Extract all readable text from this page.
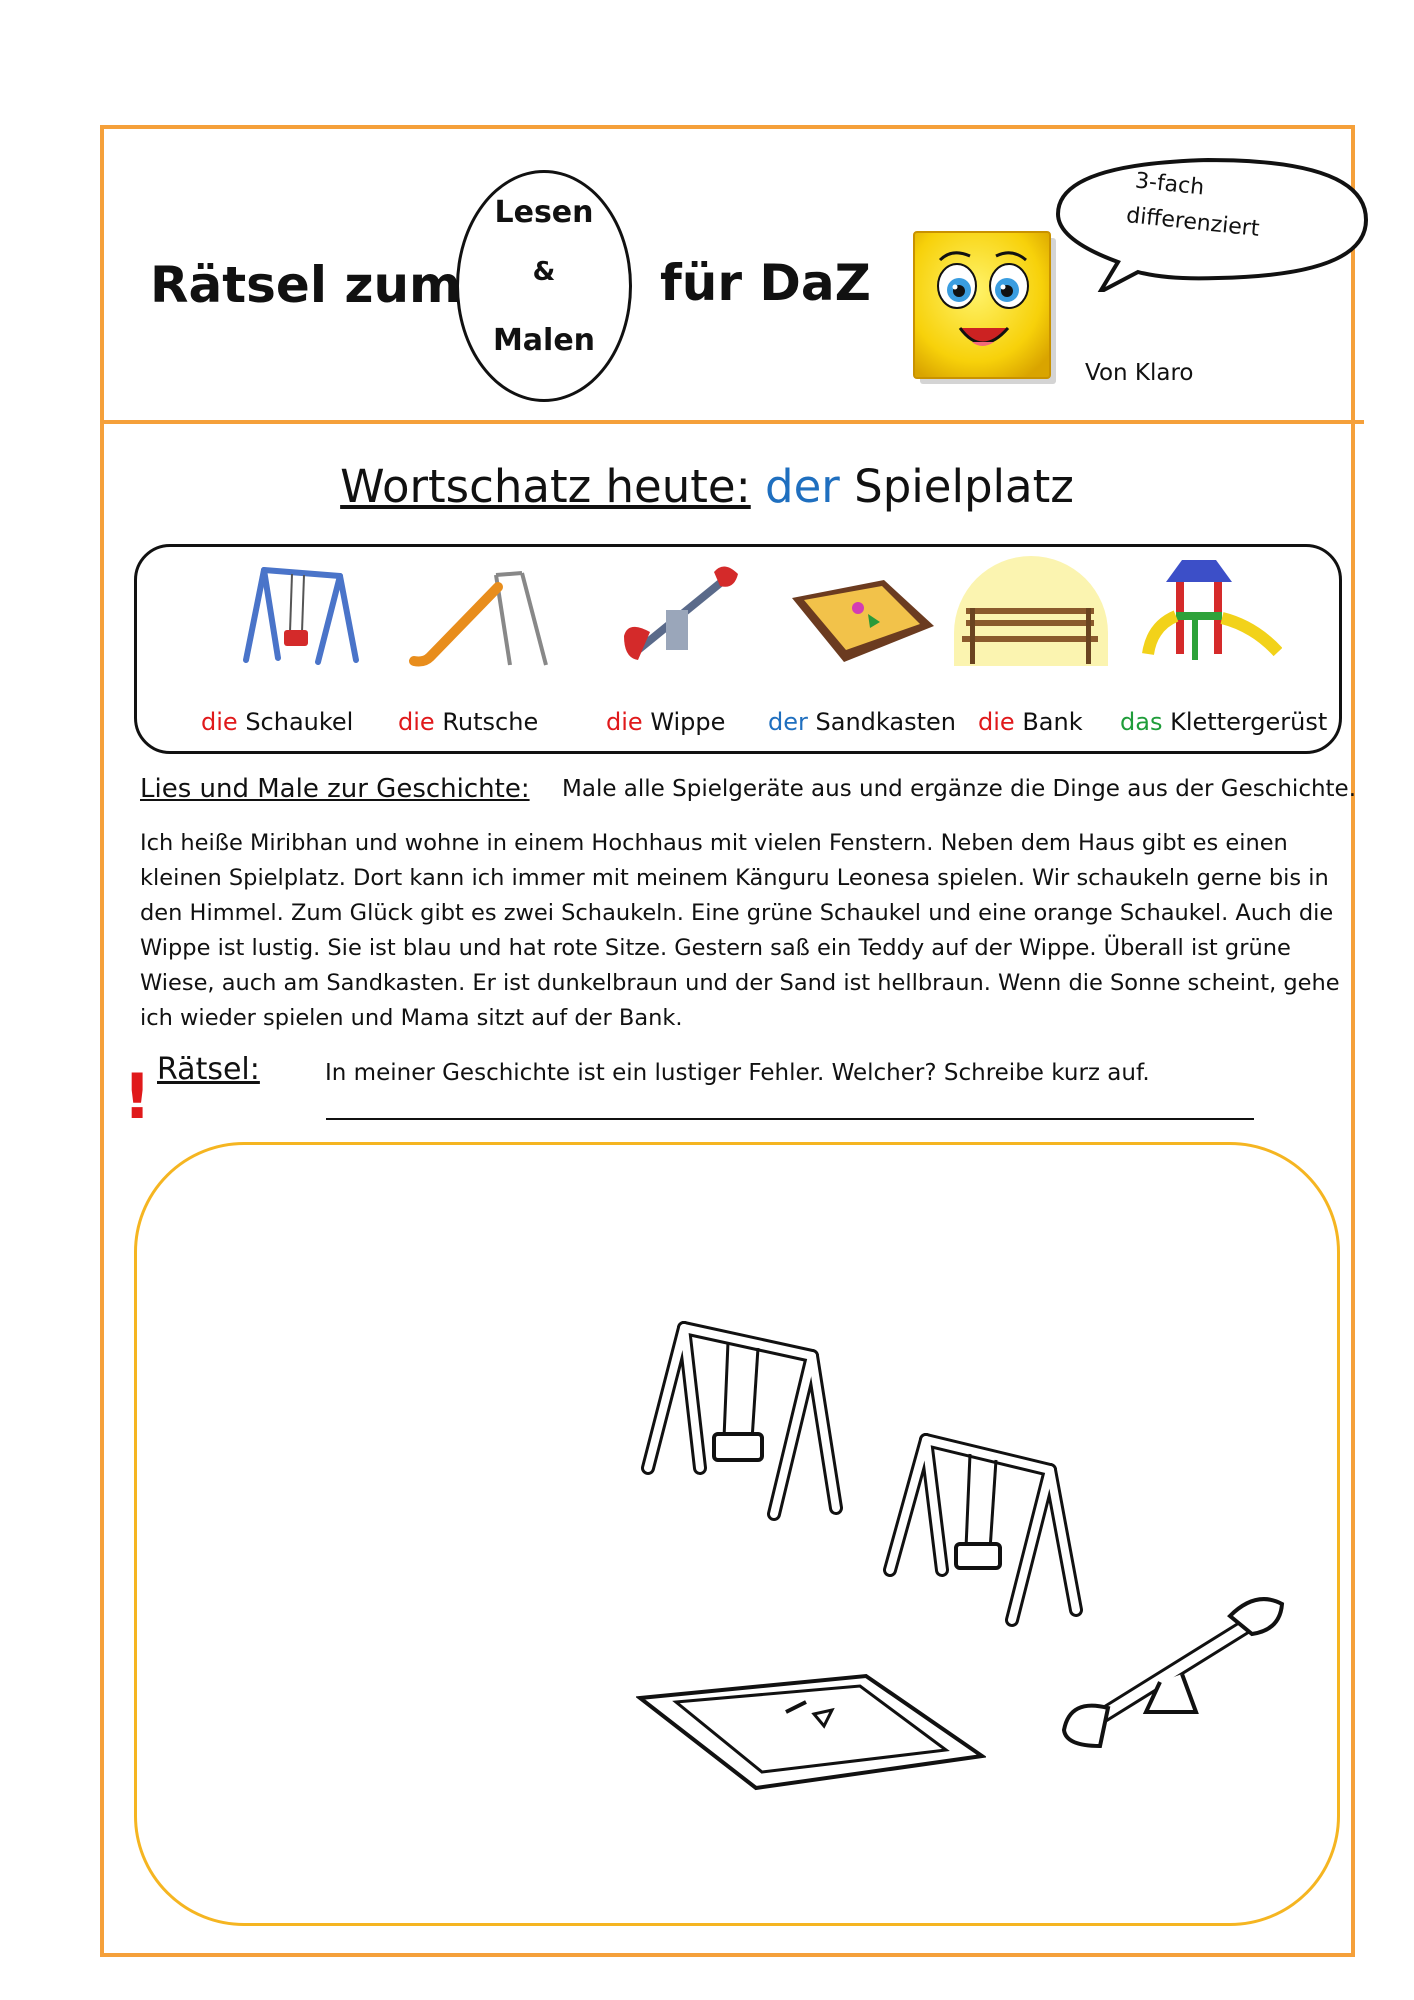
Rätsel zum
Lesen
&
Malen
für DaZ
3-fach
differenziert
Von Klaro
Wortschatz heute: der Spielplatz
die Schaukel die Rutsche	die Wippe der Sandkasten die Bank das Klettergerüst
Lies und Male zur Geschichte: Male alle Spielgeräte aus und ergänze die Dinge aus der Geschichte.
Ich heiße Miribhan und wohne in einem Hochhaus mit vielen Fenstern. Neben dem Haus gibt es einen
kleinen Spielplatz. Dort kann ich immer mit meinem Känguru Leonesa spielen. Wir schaukeln gerne bis in
den Himmel. Zum Glück gibt es zwei Schaukeln. Eine grüne Schaukel und eine orange Schaukel. Auch die
Wippe ist lustig. Sie ist blau und hat rote Sitze. Gestern saß ein Teddy auf der Wippe. Überall ist grüne
Wiese, auch am Sandkasten. Er ist dunkelbraun und der Sand ist hellbraun. Wenn die Sonne scheint, gehe
ich wieder spielen und Mama sitzt auf der Bank.
! Rätsel:	In meiner Geschichte ist ein lustiger Fehler. Welcher? Schreibe kurz auf.
